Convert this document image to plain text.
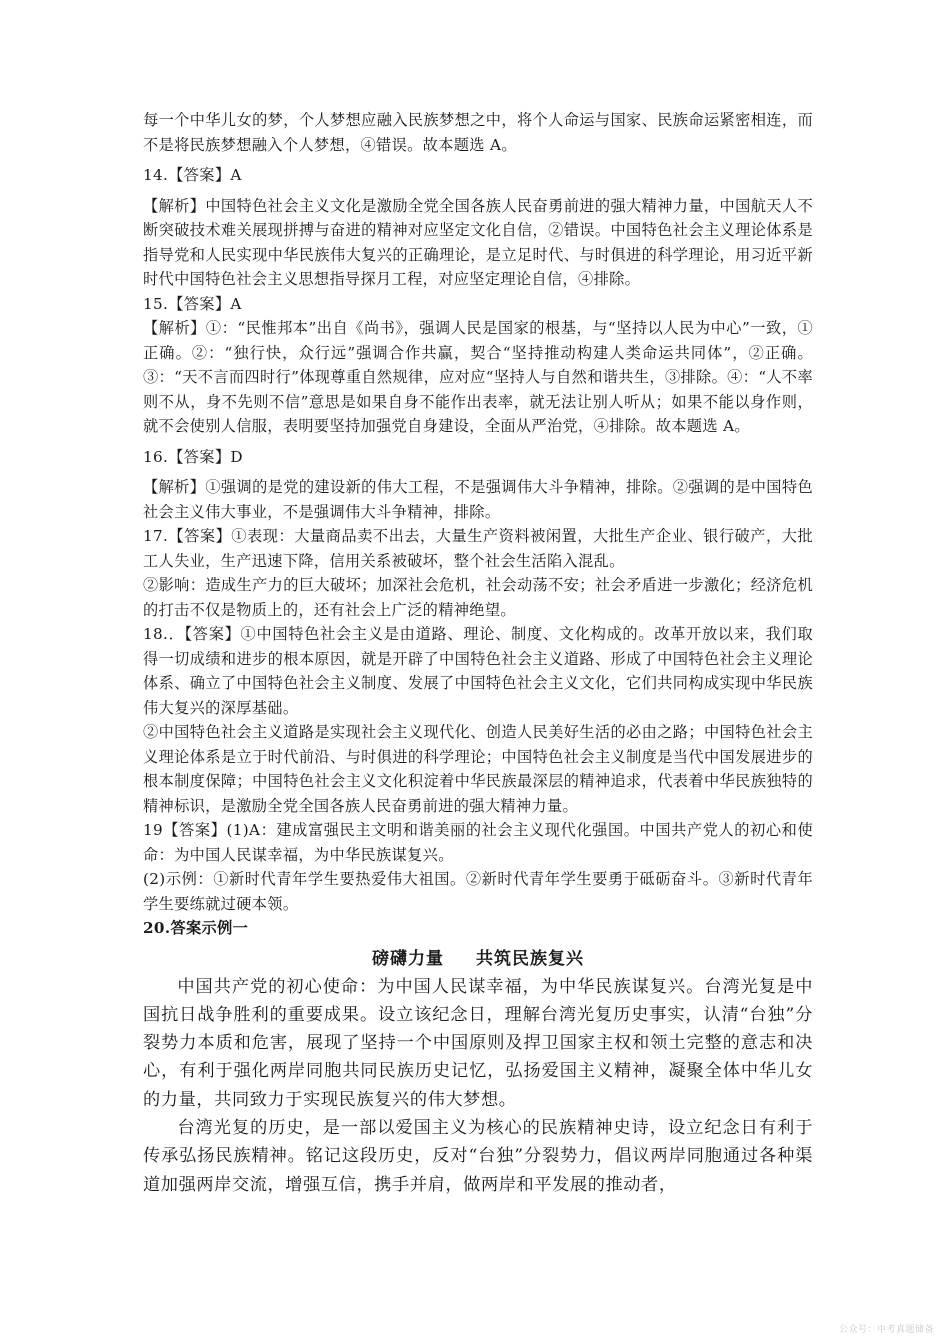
每一个中华儿女的梦，个人梦想应融入民族梦想之中，将个人命运与国家、民族命运紧密相连，而不是将民族梦想融入个人梦想，④错误。故本题选 A。

14.【答案】A

【解析】中国特色社会主义文化是激励全党全国各族人民奋勇前进的强大精神力量，中国航天人不断突破技术难关展现拼搏与奋进的精神对应坚定文化自信，②错误。中国特色社会主义理论体系是指导党和人民实现中华民族伟大复兴的正确理论，是立足时代、与时俱进的科学理论，用习近平新时代中国特色社会主义思想指导探月工程，对应坚定理论自信，④排除。

15.【答案】A

【解析】①：“民惟邦本”出自《尚书》，强调人民是国家的根基，与“坚持以人民为中心”一致，①正确。②：“独行快，众行远”强调合作共赢，契合“坚持推动构建人类命运共同体”，②正确。③：“天不言而四时行”体现尊重自然规律，应对应“坚持人与自然和谐共生，③排除。④：“人不率则不从，身不先则不信”意思是如果自身不能作出表率，就无法让别人听从；如果不能以身作则，就不会使别人信服，表明要坚持加强党自身建设，全面从严治党，④排除。故本题选 A。

16.【答案】D

【解析】①强调的是党的建设新的伟大工程，不是强调伟大斗争精神，排除。②强调的是中国特色社会主义伟大事业，不是强调伟大斗争精神，排除。

17.【答案】①表现：大量商品卖不出去，大量生产资料被闲置，大批生产企业、银行破产，大批工人失业，生产迅速下降，信用关系被破坏，整个社会生活陷入混乱。

②影响：造成生产力的巨大破坏；加深社会危机，社会动荡不安；社会矛盾进一步激化；经济危机的打击不仅是物质上的，还有社会上广泛的精神绝望。

18.．【答案】①中国特色社会主义是由道路、理论、制度、文化构成的。改革开放以来，我们取得一切成绩和进步的根本原因，就是开辟了中国特色社会主义道路、形成了中国特色社会主义理论体系、确立了中国特色社会主义制度、发展了中国特色社会主义文化，它们共同构成实现中华民族伟大复兴的深厚基础。

②中国特色社会主义道路是实现社会主义现代化、创造人民美好生活的必由之路；中国特色社会主义理论体系是立于时代前沿、与时俱进的科学理论；中国特色社会主义制度是当代中国发展进步的根本制度保障；中国特色社会主义文化积淀着中华民族最深层的精神追求，代表着中华民族独特的精神标识，是激励全党全国各族人民奋勇前进的强大精神力量。

19【答案】(1)A：建成富强民主文明和谐美丽的社会主义现代化强国。中国共产党人的初心和使命：为中国人民谋幸福，为中华民族谋复兴。

(2)示例：①新时代青年学生要热爱伟大祖国。②新时代青年学生要勇于砥砺奋斗。③新时代青年学生要练就过硬本领。

20.答案示例一

磅礴力量 共筑民族复兴

中国共产党的初心使命：为中国人民谋幸福，为中华民族谋复兴。台湾光复是中国抗日战争胜利的重要成果。设立该纪念日，理解台湾光复历史事实，认清“台独”分裂势力本质和危害，展现了坚持一个中国原则及捍卫国家主权和领土完整的意志和决心，有利于强化两岸同胞共同民族历史记忆，弘扬爱国主义精神，凝聚全体中华儿女的力量，共同致力于实现民族复兴的伟大梦想。

台湾光复的历史，是一部以爱国主义为核心的民族精神史诗，设立纪念日有利于传承弘扬民族精神。铭记这段历史，反对“台独”分裂势力，倡议两岸同胞通过各种渠道加强两岸交流，增强互信，携手并肩，做两岸和平发展的推动者，

公众号：中考真题储备
